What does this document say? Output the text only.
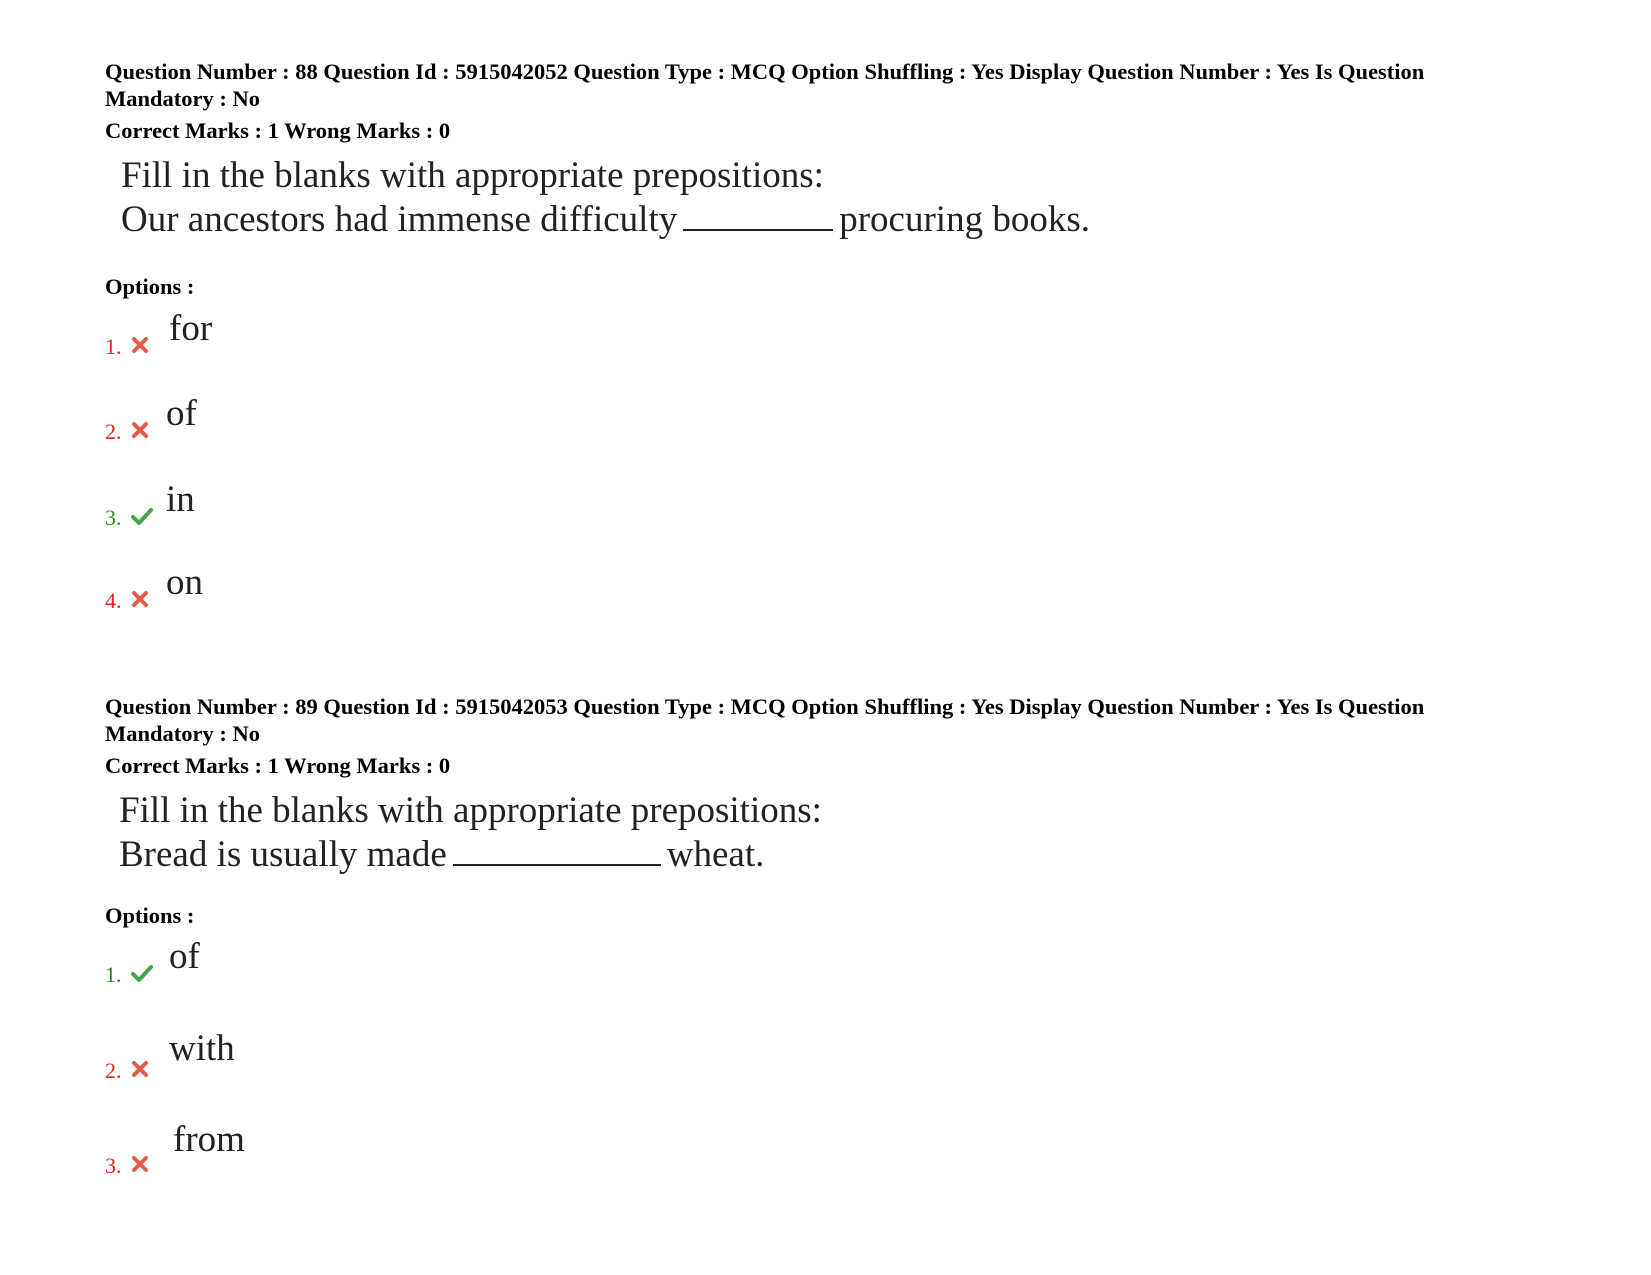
Question Number : 88 Question Id : 5915042052 Question Type : MCQ Option Shuffling : Yes Display Question Number : Yes Is Question
Mandatory : No
Correct Marks : 1 Wrong Marks : 0
Fill in the blanks with appropriate prepositions:
Our ancestors had immense difficulty	procuring books.
Options :
1. for
2. of
3. in
4. on
Question Number : 89 Question Id : 5915042053 Question Type : MCQ Option Shuffling : Yes Display Question Number : Yes Is Question
Mandatory : No
Correct Marks : 1 Wrong Marks : 0
Fill in the blanks with appropriate prepositions:
Bread is usually made	wheat.
Options :
1. of
2.
with
3.
from
